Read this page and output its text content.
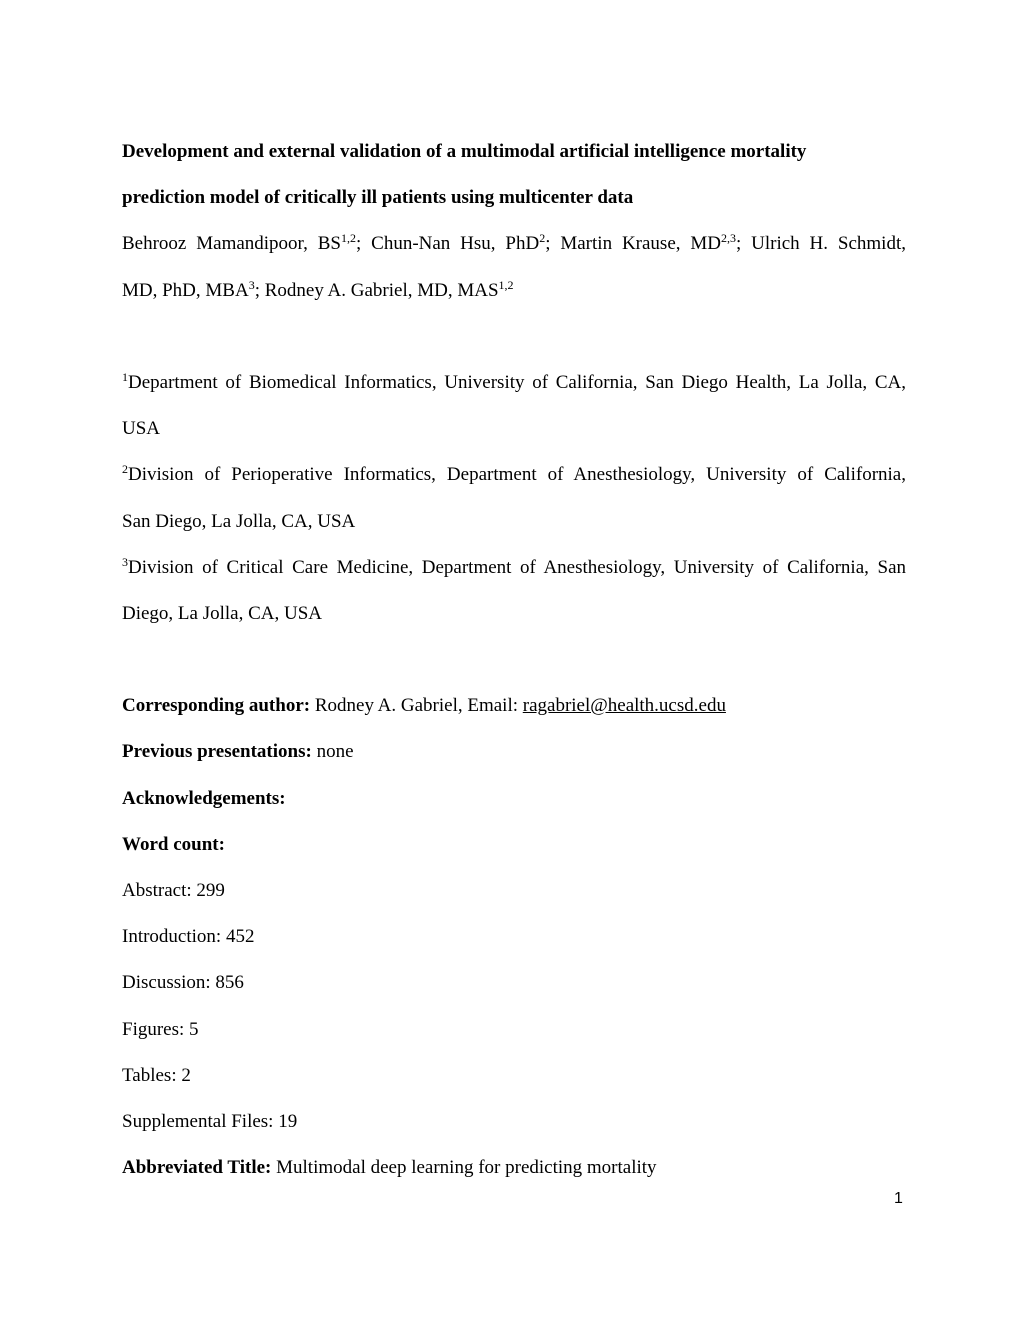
Development and external validation of a multimodal artificial intelligence mortality
prediction model of critically ill patients using multicenter data
Behrooz Mamandipoor, BS$^{1,2}$; Chun-Nan Hsu, PhD$^2$; Martin Krause, MD$^{2,3}$; Ulrich H. Schmidt,
MD, PhD, MBA$^3$; Rodney A. Gabriel, MD, MAS$^{1,2}$
$^1$Department of Biomedical Informatics, University of California, San Diego Health, La Jolla, CA,
USA
$^2$Division of Perioperative Informatics, Department of Anesthesiology, University of California,
San Diego, La Jolla, CA, USA
$^3$Division of Critical Care Medicine, Department of Anesthesiology, University of California, San
Diego, La Jolla, CA, USA
Corresponding author: Rodney A. Gabriel, Email: ragabriel@health.ucsd.edu
Previous presentations: none
Acknowledgements:
Word count:
Abstract: 299
Introduction: 452
Discussion: 856
Figures: 5
Tables: 2
Supplemental Files: 19
Abbreviated Title: Multimodal deep learning for predicting mortality
1
